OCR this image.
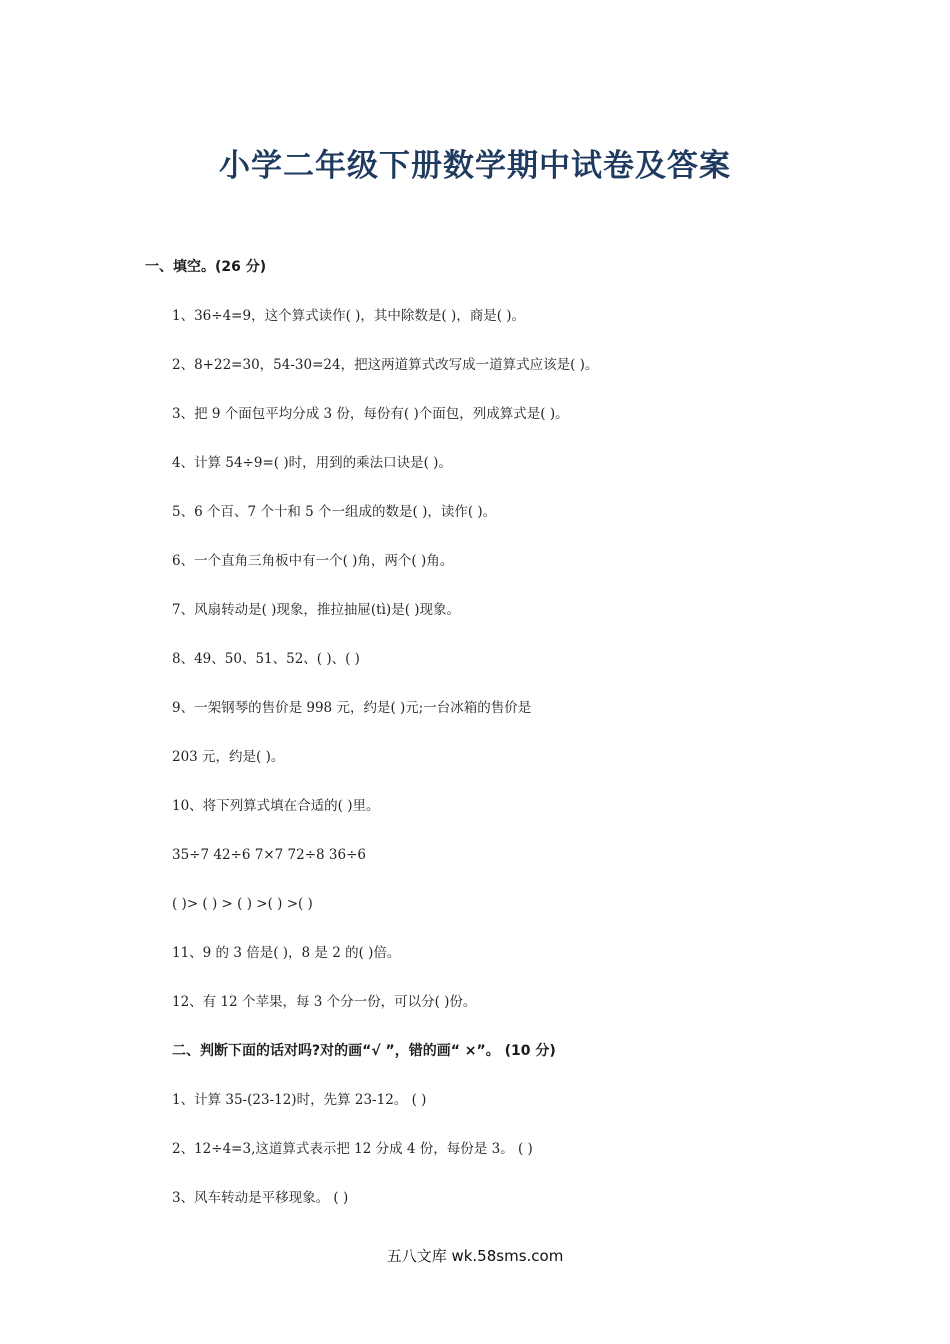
小学二年级下册数学期中试卷及答案
一、填空。(26 分)
1、36÷4=9，这个算式读作( )，其中除数是( )，商是( )。
2、8+22=30，54-30=24，把这两道算式改写成一道算式应该是( )。
3、把 9 个面包平均分成 3 份，每份有( )个面包，列成算式是( )。
4、计算 54÷9=( )时，用到的乘法口诀是( )。
5、6 个百、7 个十和 5 个一组成的数是( )，读作( )。
6、一个直角三角板中有一个( )角，两个( )角。
7、风扇转动是( )现象，推拉抽屉(tì)是( )现象。
8、49、50、51、52、( )、( )
9、一架钢琴的售价是 998 元，约是( )元;一台冰箱的售价是
203 元，约是( )。
10、将下列算式填在合适的( )里。
35÷7 42÷6 7×7 72÷8 36÷6
( )> ( ) > ( ) >( ) >( )
11、9 的 3 倍是( )，8 是 2 的( )倍。
12、有 12 个苹果，每 3 个分一份，可以分( )份。
二、判断下面的话对吗?对的画“√ ”，错的画“ ×”。 (10 分)
1、计算 35-(23-12)时，先算 23-12。 ( )
2、12÷4=3,这道算式表示把 12 分成 4 份，每份是 3。 ( )
3、风车转动是平移现象。 ( )
五八文库 wk.58sms.com
